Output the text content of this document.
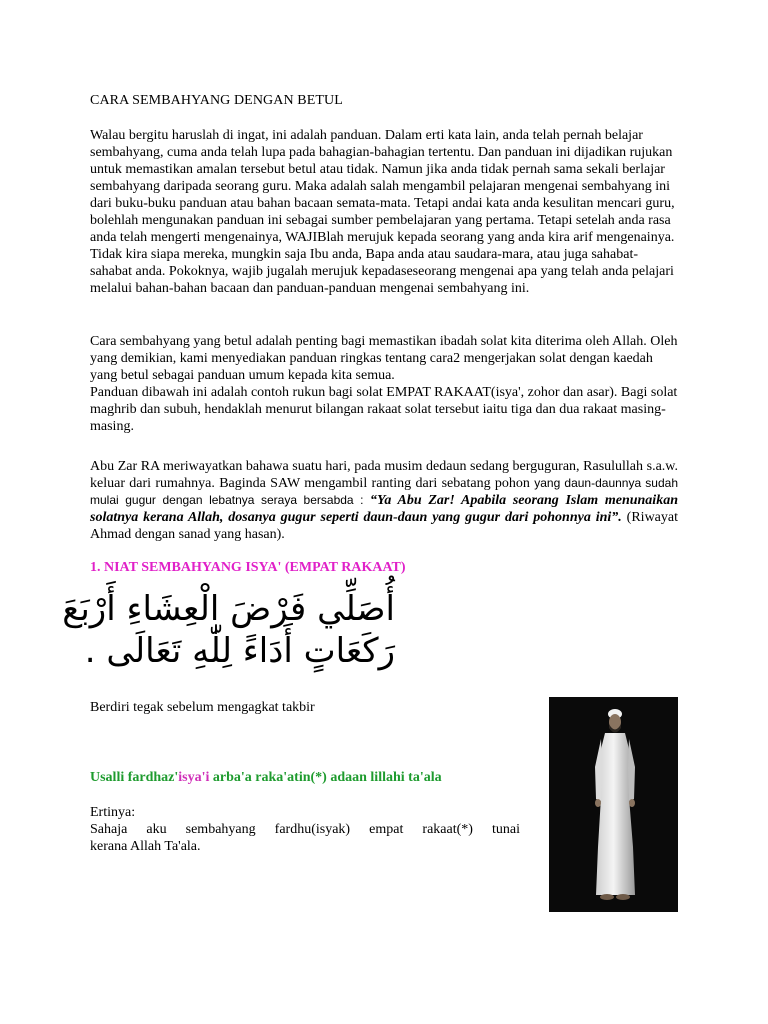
CARA SEMBAHYANG DENGAN BETUL

Walau bergitu haruslah di ingat, ini adalah panduan. Dalam erti kata lain, anda telah pernah belajar sembahyang, cuma anda telah lupa pada bahagian-bahagian tertentu. Dan panduan ini dijadikan rujukan untuk memastikan amalan tersebut betul atau tidak. Namun jika anda tidak pernah sama sekali berlajar sembahyang daripada seorang guru. Maka adalah salah mengambil pelajaran mengenai sembahyang ini dari buku-buku panduan atau bahan bacaan semata-mata. Tetapi andai kata anda kesulitan mencari guru, bolehlah mengunakan panduan ini sebagai sumber pembelajaran yang pertama. Tetapi setelah anda rasa anda telah mengerti mengenainya, WAJIBlah merujuk kepada seorang yang anda kira arif mengenainya. Tidak kira siapa mereka, mungkin saja Ibu anda, Bapa anda atau saudara-mara, atau juga sahabat-sahabat anda. Pokoknya, wajib jugalah merujuk kepadaseseorang mengenai apa yang telah anda pelajari melalui bahan-bahan bacaan dan panduan-panduan mengenai sembahyang ini.

Cara sembahyang yang betul adalah penting bagi memastikan ibadah solat kita diterima oleh Allah. Oleh yang demikian, kami menyediakan panduan ringkas tentang cara2 mengerjakan solat dengan kaedah yang betul sebagai panduan umum kepada kita semua.
Panduan dibawah ini adalah contoh rukun bagi solat EMPAT RAKAAT(isya', zohor dan asar). Bagi solat maghrib dan subuh, hendaklah menurut bilangan rakaat solat tersebut iaitu tiga dan dua rakaat masing-masing.

Abu Zar RA meriwayatkan bahawa suatu hari, pada musim dedaun sedang berguguran, Rasulullah s.a.w. keluar dari rumahnya. Baginda SAW mengambil ranting dari sebatang pohon yang daun-daunnya sudah mulai gugur dengan lebatnya seraya bersabda : “Ya Abu Zar! Apabila seorang Islam menunaikan solatnya kerana Allah, dosanya gugur seperti daun-daun yang gugur dari pohonnya ini”. (Riwayat Ahmad dengan sanad yang hasan).

1. NIAT SEMBAHYANG ISYA' (EMPAT RAKAAT)
أُصَلِّي فَرْضَ الْعِشَاءِ أَرْبَعَ
رَكَعَاتٍ أَدَاءً لِلّٰهِ تَعَالَى .
Berdiri tegak sebelum mengagkat takbir
Usalli fardhaz'isya'i arba'a raka'atin(*) adaan lillahi ta'ala
Ertinya:
Sahaja aku sembahyang fardhu(isyak) empat rakaat(*) tunai
kerana Allah Ta'ala.
